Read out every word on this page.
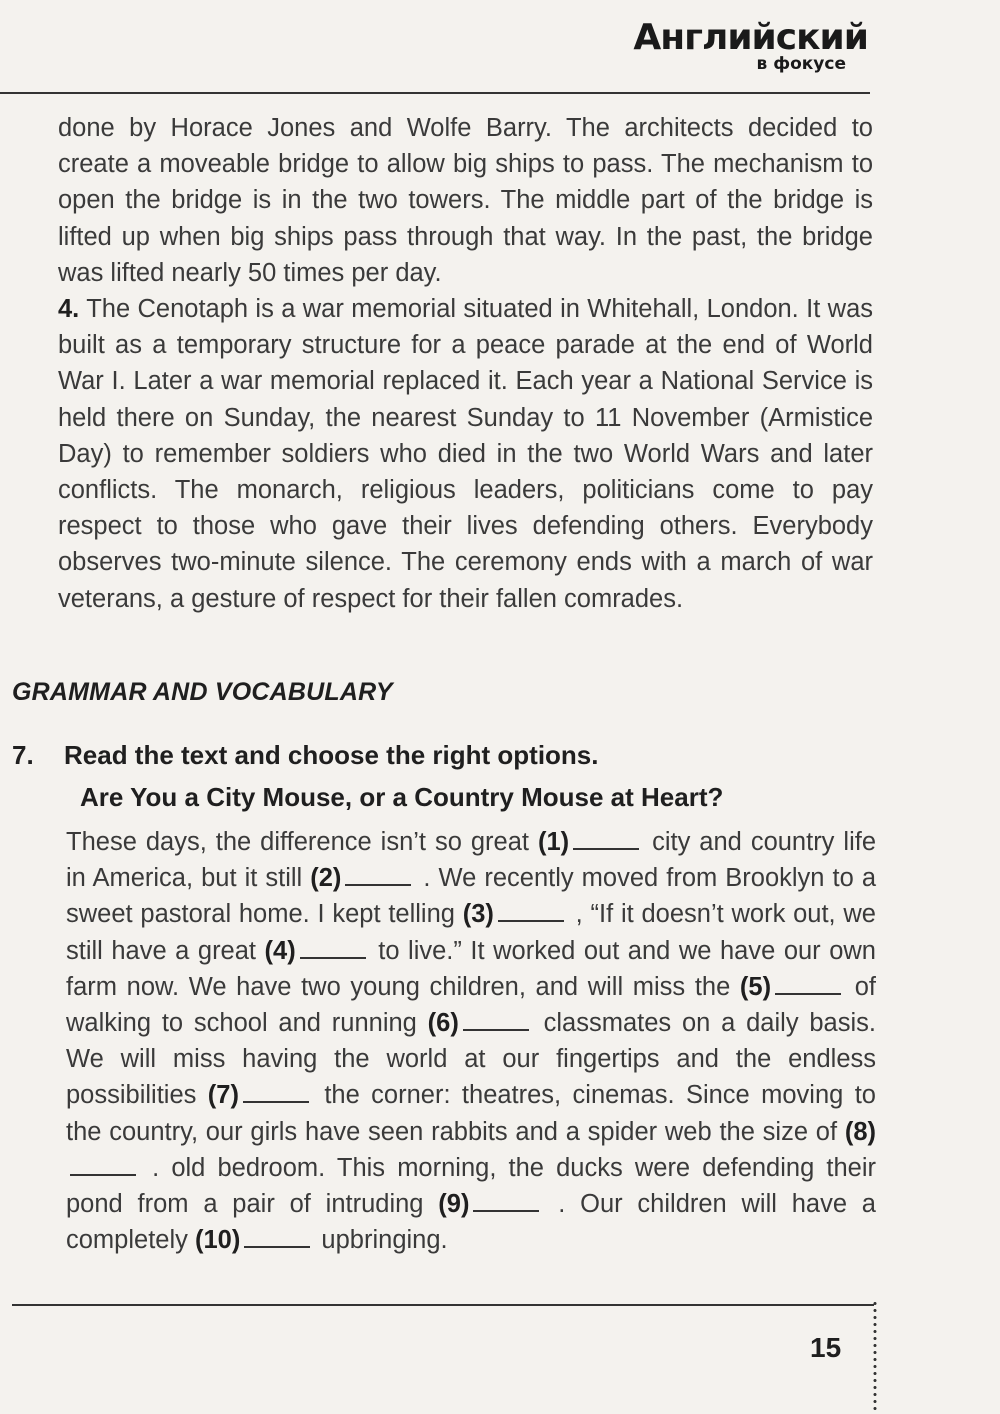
Английский
в фокусе

done by Horace Jones and Wolfe Barry. The architects decided to create a moveable bridge to allow big ships to pass. The mechanism to open the bridge is in the two towers. The middle part of the bridge is lifted up when big ships pass through that way. In the past, the bridge was lifted nearly 50 times per day.

4. The Cenotaph is a war memorial situated in Whitehall, London. It was built as a temporary structure for a peace parade at the end of World War I. Later a war memorial replaced it. Each year a National Service is held there on Sunday, the nearest Sunday to 11 November (Armistice Day) to remember soldiers who died in the two World Wars and later conflicts. The monarch, religious leaders, politicians come to pay respect to those who gave their lives defending others. Everybody observes two-minute silence. The ceremony ends with a march of war veterans, a gesture of respect for their fallen comrades.

GRAMMAR AND VOCABULARY
7. Read the text and choose the right options.
Are You a City Mouse, or a Country Mouse at Heart?

These days, the difference isn’t so great (1)	city and country life in America, but it still (2)	. We recently moved from Brooklyn to a sweet pastoral home. I kept telling (3)	, “If it doesn’t work out, we still have a great (4)	to live.” It worked out and we have our own farm now. We have two young children, and will miss the (5)	of walking to school and running (6)	classmates on a daily basis. We will miss having the world at our fingertips and the endless possibilities (7)	the corner: theatres, cinemas. Since moving to the country, our girls have seen rabbits and a spider web the size of (8) . old bedroom. This morning, the ducks were defending their pond from a pair of intruding (9)	. Our children will have a completely (10)	upbringing.

15
